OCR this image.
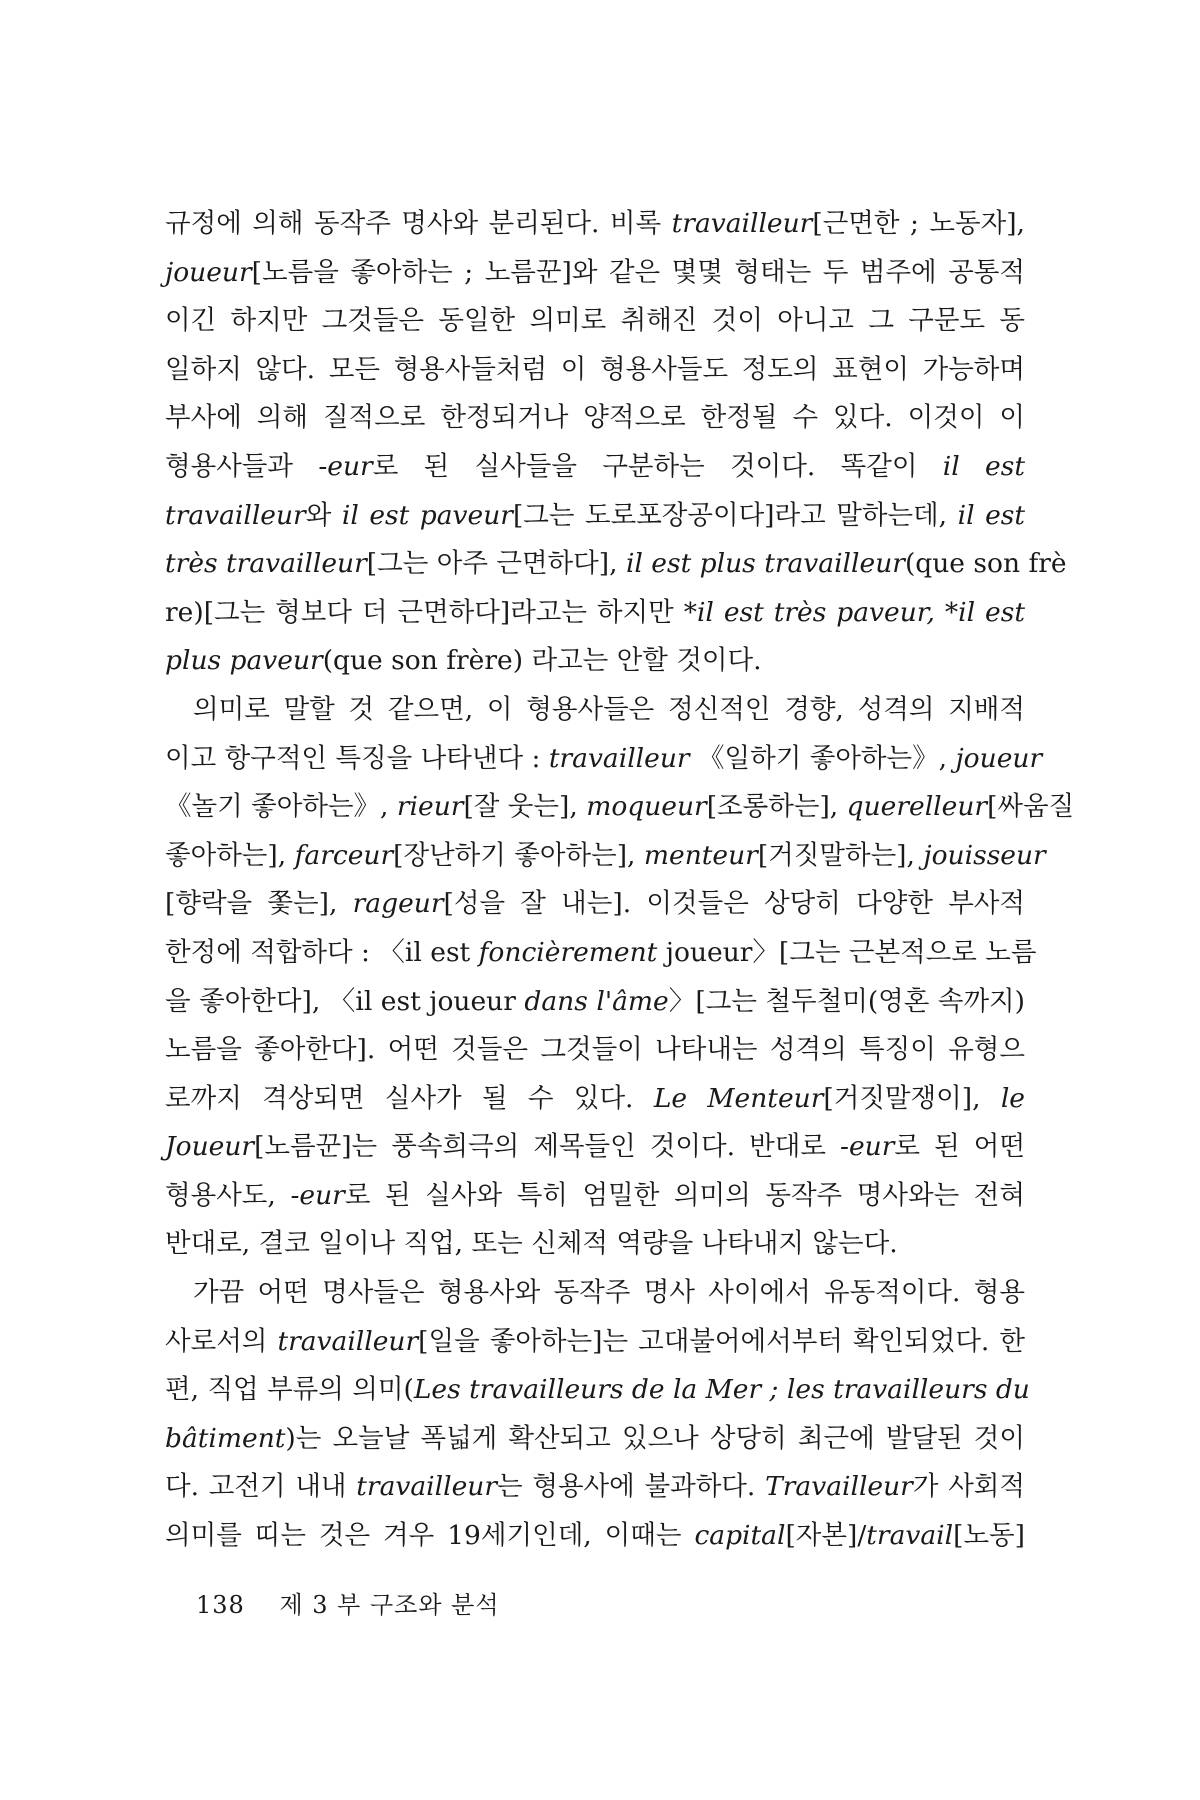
규정에 의해 동작주 명사와 분리된다. 비록 travailleur[근면한 ; 노동자],
joueur[노름을 좋아하는 ; 노름꾼]와 같은 몇몇 형태는 두 범주에 공통적
이긴 하지만 그것들은 동일한 의미로 취해진 것이 아니고 그 구문도 동
일하지 않다. 모든 형용사들처럼 이 형용사들도 정도의 표현이 가능하며
부사에 의해 질적으로 한정되거나 양적으로 한정될 수 있다. 이것이 이
형용사들과 -eur로 된 실사들을 구분하는 것이다. 똑같이 il est
travailleur와 il est paveur[그는 도로포장공이다]라고 말하는데, il est
très travailleur[그는 아주 근면하다], il est plus travailleur(que son frè
re)[그는 형보다 더 근면하다]라고는 하지만 *il est très paveur, *il est
plus paveur(que son frère) 라고는 안할 것이다.
의미로 말할 것 같으면, 이 형용사들은 정신적인 경향, 성격의 지배적
이고 항구적인 특징을 나타낸다 : travailleur 《일하기 좋아하는》, joueur
《놀기 좋아하는》, rieur[잘 웃는], moqueur[조롱하는], querelleur[싸움질
좋아하는], farceur[장난하기 좋아하는], menteur[거짓말하는], jouisseur
[향락을 쫓는], rageur[성을 잘 내는]. 이것들은 상당히 다양한 부사적
한정에 적합하다 : 〈il est foncièrement joueur〉[그는 근본적으로 노름
을 좋아한다], 〈il est joueur dans l'âme〉[그는 철두철미(영혼 속까지)
노름을 좋아한다]. 어떤 것들은 그것들이 나타내는 성격의 특징이 유형으
로까지 격상되면 실사가 될 수 있다. Le Menteur[거짓말쟁이], le
Joueur[노름꾼]는 풍속희극의 제목들인 것이다. 반대로 -eur로 된 어떤
형용사도, -eur로 된 실사와 특히 엄밀한 의미의 동작주 명사와는 전혀
반대로, 결코 일이나 직업, 또는 신체적 역량을 나타내지 않는다.
가끔 어떤 명사들은 형용사와 동작주 명사 사이에서 유동적이다. 형용
사로서의 travailleur[일을 좋아하는]는 고대불어에서부터 확인되었다. 한
편, 직업 부류의 의미(Les travailleurs de la Mer ; les travailleurs du
bâtiment)는 오늘날 폭넓게 확산되고 있으나 상당히 최근에 발달된 것이
다. 고전기 내내 travailleur는 형용사에 불과하다. Travailleur가 사회적
의미를 띠는 것은 겨우 19세기인데, 이때는 capital[자본]/travail[노동]
138 제 3 부 구조와 분석
